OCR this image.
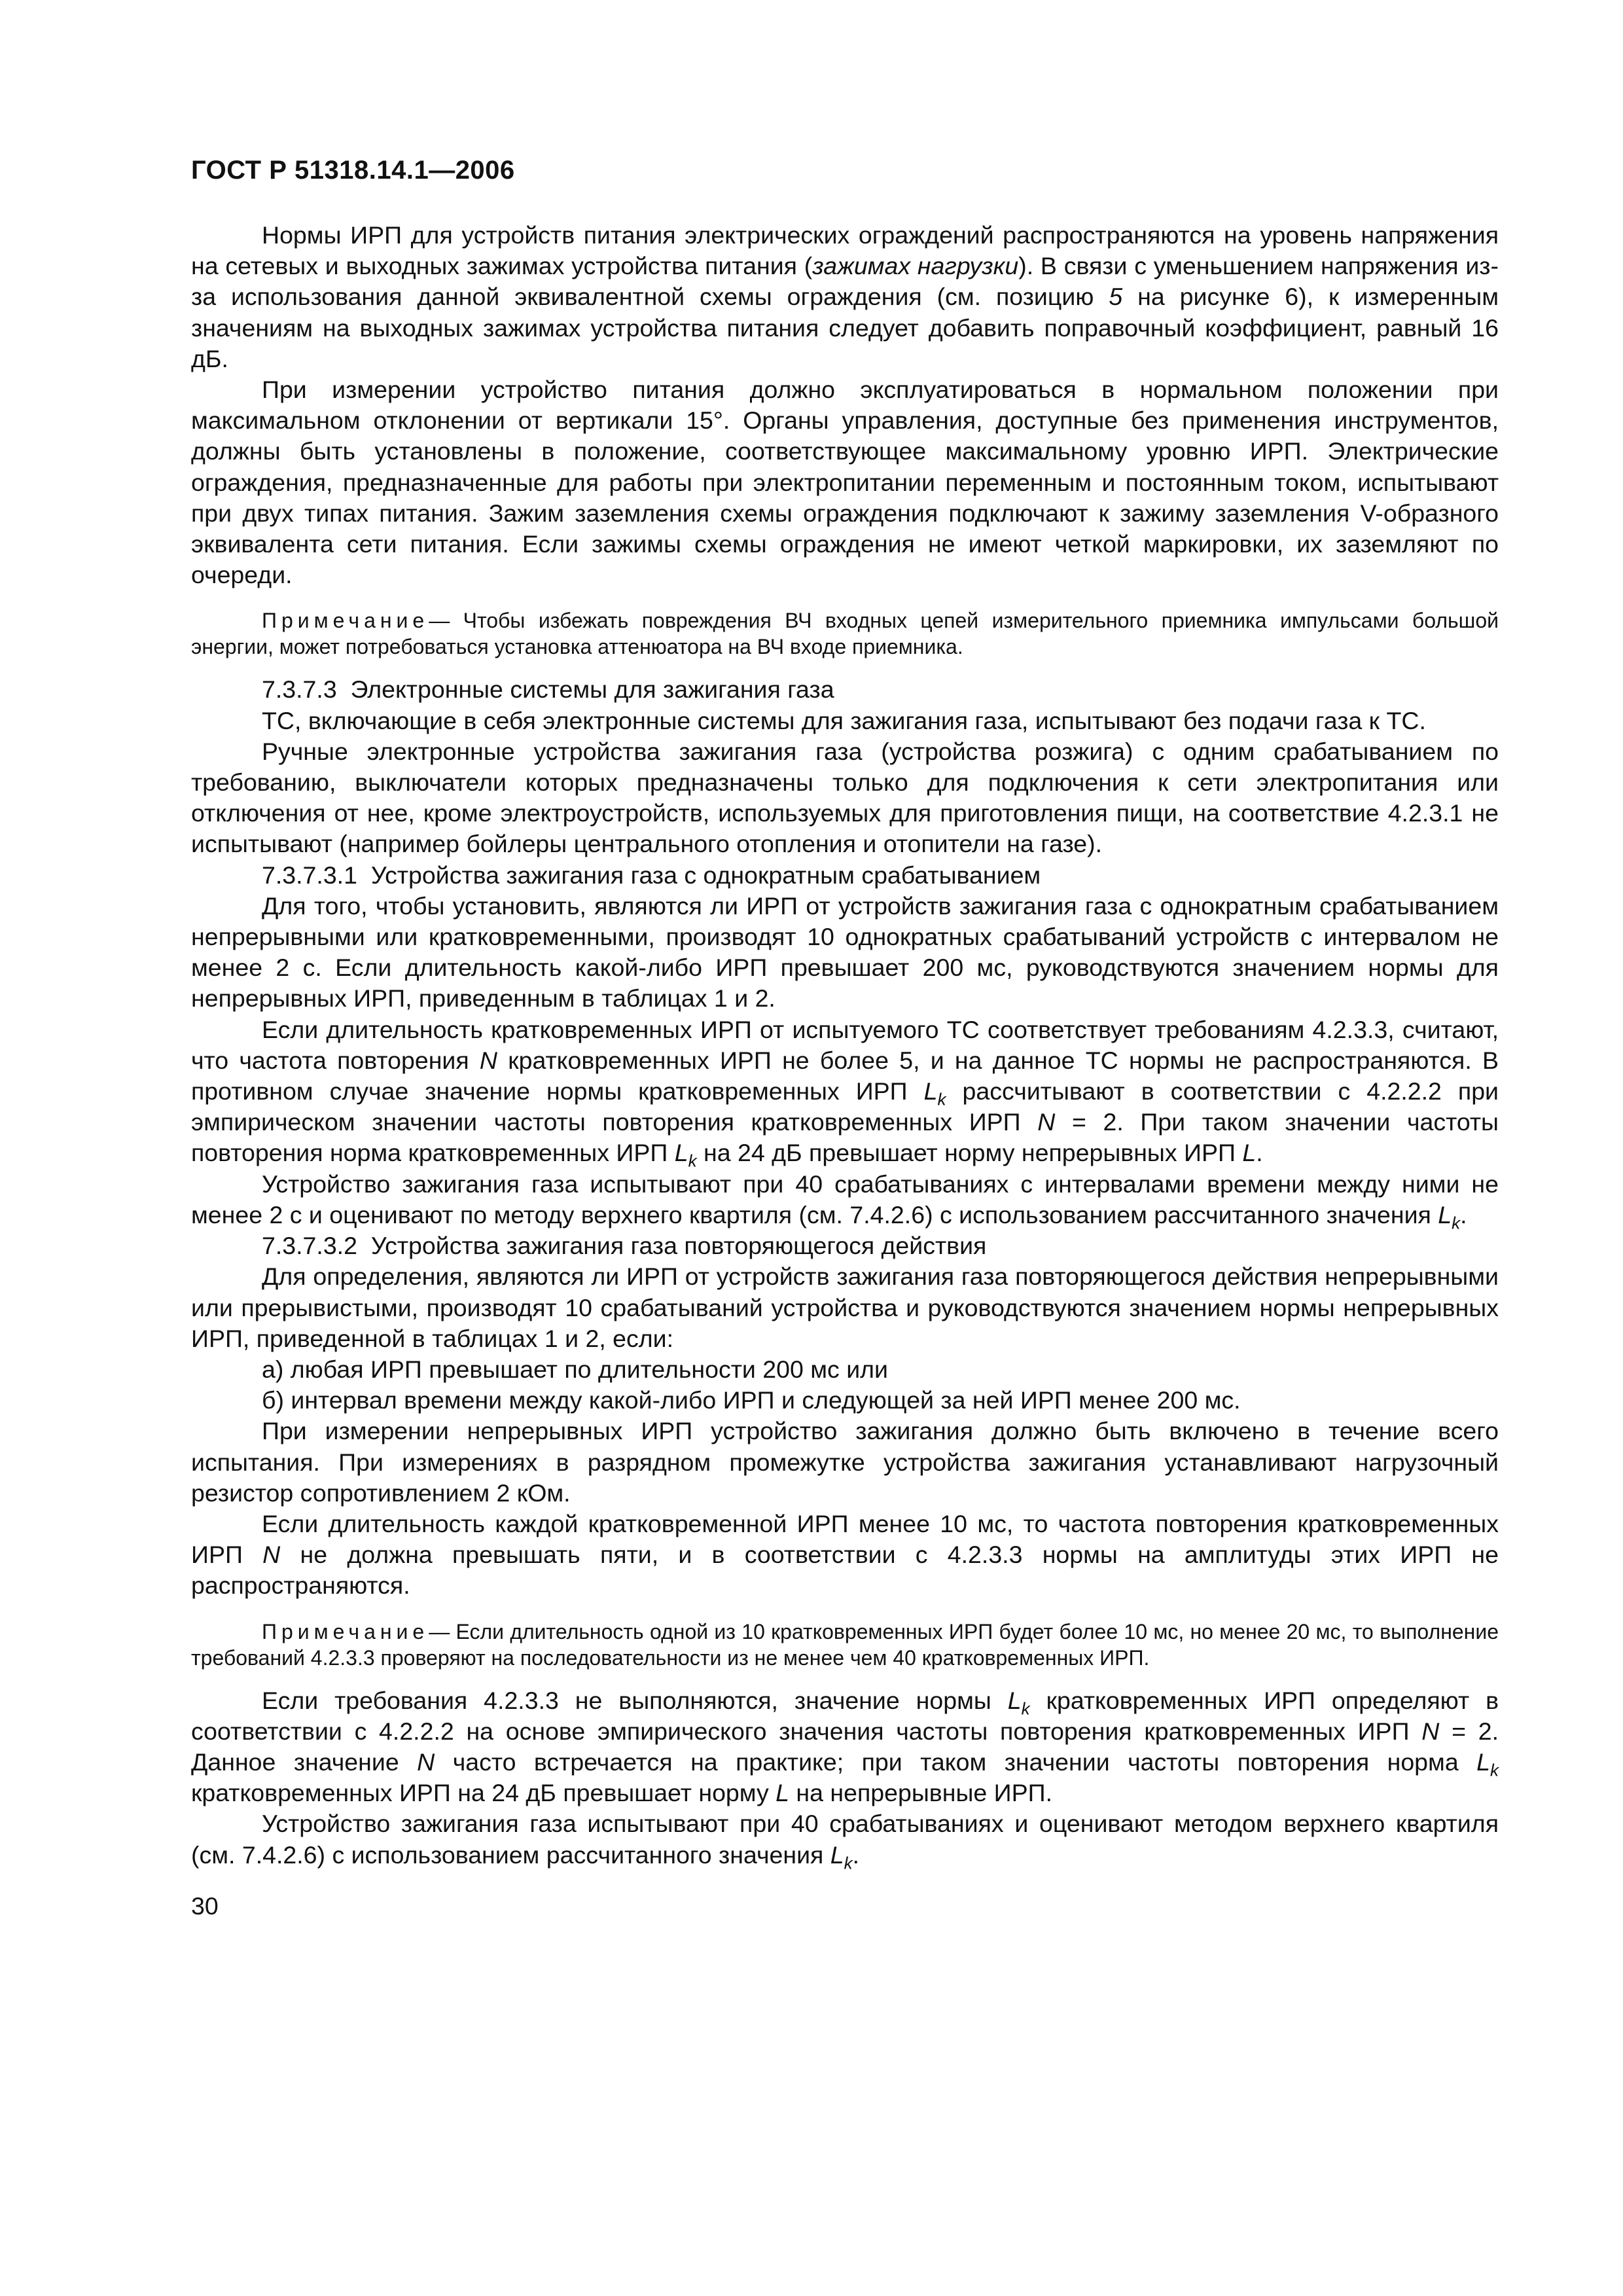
ГОСТ Р 51318.14.1—2006

Нормы ИРП для устройств питания электрических ограждений распространяются на уровень напряжения на сетевых и выходных зажимах устройства питания (зажимах нагрузки). В связи с уменьшением напряжения из-за использования данной эквивалентной схемы ограждения (см. позицию 5 на рисунке 6), к измеренным значениям на выходных зажимах устройства питания следует добавить поправочный коэффициент, равный 16 дБ.

При измерении устройство питания должно эксплуатироваться в нормальном положении при максимальном отклонении от вертикали 15°. Органы управления, доступные без применения инструментов, должны быть установлены в положение, соответствующее максимальному уровню ИРП. Электрические ограждения, предназначенные для работы при электропитании переменным и постоянным током, испытывают при двух типах питания. Зажим заземления схемы ограждения подключают к зажиму заземления V-образного эквивалента сети питания. Если зажимы схемы ограждения не имеют четкой маркировки, их заземляют по очереди.

Примечание— Чтобы избежать повреждения ВЧ входных цепей измерительного приемника импульсами большой энергии, может потребоваться установка аттенюатора на ВЧ входе приемника.

7.3.7.3 Электронные системы для зажигания газа

ТС, включающие в себя электронные системы для зажигания газа, испытывают без подачи газа к ТС.

Ручные электронные устройства зажигания газа (устройства розжига) с одним срабатыванием по требованию, выключатели которых предназначены только для подключения к сети электропитания или отключения от нее, кроме электроустройств, используемых для приготовления пищи, на соответствие 4.2.3.1 не испытывают (например бойлеры центрального отопления и отопители на газе).

7.3.7.3.1 Устройства зажигания газа с однократным срабатыванием

Для того, чтобы установить, являются ли ИРП от устройств зажигания газа с однократным срабатыванием непрерывными или кратковременными, производят 10 однократных срабатываний устройств с интервалом не менее 2 с. Если длительность какой-либо ИРП превышает 200 мс, руководствуются значением нормы для непрерывных ИРП, приведенным в таблицах 1 и 2.

Если длительность кратковременных ИРП от испытуемого ТС соответствует требованиям 4.2.3.3, считают, что частота повторения N кратковременных ИРП не более 5, и на данное ТС нормы не распространяются. В противном случае значение нормы кратковременных ИРП $L_k$ рассчитывают в соответствии с 4.2.2.2 при эмпирическом значении частоты повторения кратковременных ИРП N = 2. При таком значении частоты повторения норма кратковременных ИРП $L_k$ на 24 дБ превышает норму непрерывных ИРП L.

Устройство зажигания газа испытывают при 40 срабатываниях с интервалами времени между ними не менее 2 с и оценивают по методу верхнего квартиля (см. 7.4.2.6) с использованием рассчитанного значения $L_k$.

7.3.7.3.2 Устройства зажигания газа повторяющегося действия

Для определения, являются ли ИРП от устройств зажигания газа повторяющегося действия непрерывными или прерывистыми, производят 10 срабатываний устройства и руководствуются значением нормы непрерывных ИРП, приведенной в таблицах 1 и 2, если:

а) любая ИРП превышает по длительности 200 мс или

б) интервал времени между какой-либо ИРП и следующей за ней ИРП менее 200 мс.

При измерении непрерывных ИРП устройство зажигания должно быть включено в течение всего испытания. При измерениях в разрядном промежутке устройства зажигания устанавливают нагрузочный резистор сопротивлением 2 кОм.

Если длительность каждой кратковременной ИРП менее 10 мс, то частота повторения кратковременных ИРП N не должна превышать пяти, и в соответствии с 4.2.3.3 нормы на амплитуды этих ИРП не распространяются.

Примечание— Если длительность одной из 10 кратковременных ИРП будет более 10 мс, но менее 20 мс, то выполнение требований 4.2.3.3 проверяют на последовательности из не менее чем 40 кратковременных ИРП.

Если требования 4.2.3.3 не выполняются, значение нормы $L_k$ кратковременных ИРП определяют в соответствии с 4.2.2.2 на основе эмпирического значения частоты повторения кратковременных ИРП N = 2. Данное значение N часто встречается на практике; при таком значении частоты повторения норма $L_k$ кратковременных ИРП на 24 дБ превышает норму L на непрерывные ИРП.

Устройство зажигания газа испытывают при 40 срабатываниях и оценивают методом верхнего квартиля (см. 7.4.2.6) с использованием рассчитанного значения $L_k$.

30
